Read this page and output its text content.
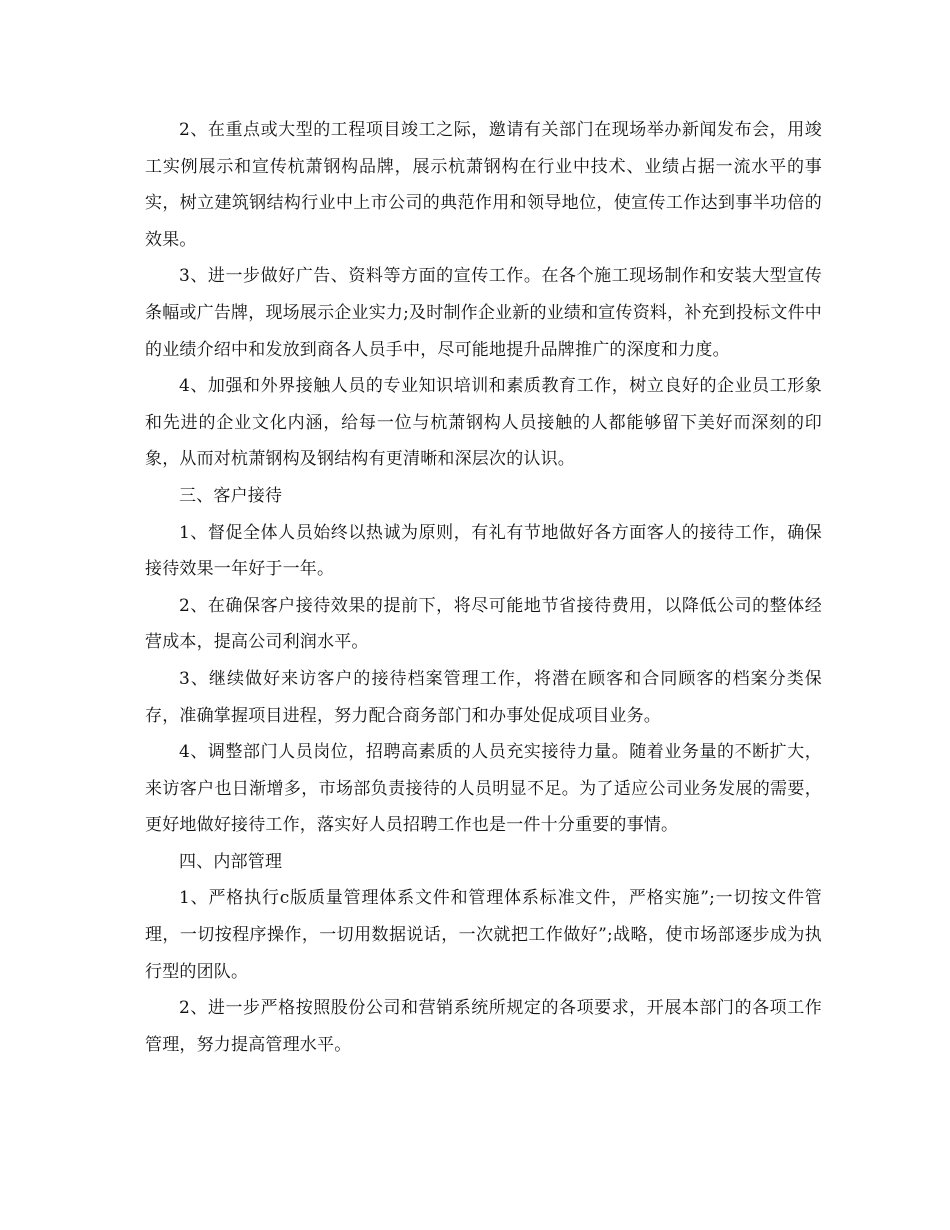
2、在重点或大型的工程项目竣工之际，邀请有关部门在现场举办新闻发布会，用竣工实例展示和宣传杭萧钢构品牌，展示杭萧钢构在行业中技术、业绩占据一流水平的事实，树立建筑钢结构行业中上市公司的典范作用和领导地位，使宣传工作达到事半功倍的效果。

3、进一步做好广告、资料等方面的宣传工作。在各个施工现场制作和安装大型宣传条幅或广告牌，现场展示企业实力;及时制作企业新的业绩和宣传资料，补充到投标文件中的业绩介绍中和发放到商各人员手中，尽可能地提升品牌推广的深度和力度。

4、加强和外界接触人员的专业知识培训和素质教育工作，树立良好的企业员工形象和先进的企业文化内涵，给每一位与杭萧钢构人员接触的人都能够留下美好而深刻的印象，从而对杭萧钢构及钢结构有更清晰和深层次的认识。

三、客户接待

1、督促全体人员始终以热诚为原则，有礼有节地做好各方面客人的接待工作，确保接待效果一年好于一年。

2、在确保客户接待效果的提前下，将尽可能地节省接待费用，以降低公司的整体经营成本，提高公司利润水平。

3、继续做好来访客户的接待档案管理工作，将潜在顾客和合同顾客的档案分类保存，准确掌握项目进程，努力配合商务部门和办事处促成项目业务。

4、调整部门人员岗位，招聘高素质的人员充实接待力量。随着业务量的不断扩大，来访客户也日渐增多，市场部负责接待的人员明显不足。为了适应公司业务发展的需要，更好地做好接待工作，落实好人员招聘工作也是一件十分重要的事情。

四、内部管理

1、严格执行c版质量管理体系文件和管理体系标准文件，严格实施”;一切按文件管理，一切按程序操作，一切用数据说话，一次就把工作做好”;战略，使市场部逐步成为执行型的团队。

2、进一步严格按照股份公司和营销系统所规定的各项要求，开展本部门的各项工作管理，努力提高管理水平。
